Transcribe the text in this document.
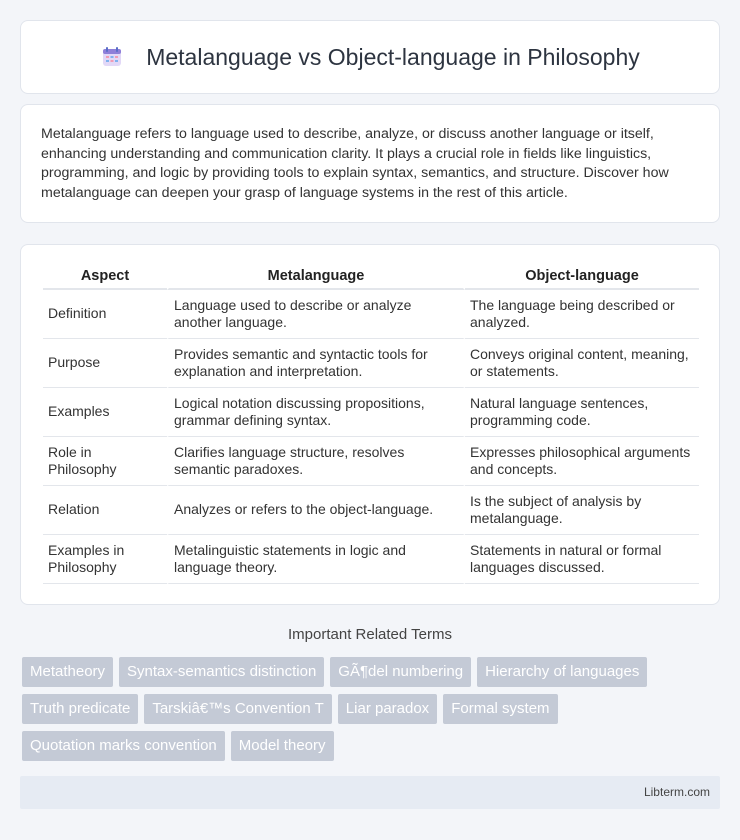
Metalanguage vs Object-language in Philosophy

Metalanguage refers to language used to describe, analyze, or discuss another language or itself, enhancing understanding and communication clarity. It plays a crucial role in fields like linguistics, programming, and logic by providing tools to explain syntax, semantics, and structure. Discover how metalanguage can deepen your grasp of language systems in the rest of this article.

Aspect	Metalanguage	Object-language
Definition	Language used to describe or analyze another language.	The language being described or analyzed.
Purpose	Provides semantic and syntactic tools for explanation and interpretation.	Conveys original content, meaning, or statements.
Examples	Logical notation discussing propositions, grammar defining syntax.	Natural language sentences, programming code.
Role in Philosophy	Clarifies language structure, resolves semantic paradoxes.	Expresses philosophical arguments and concepts.
Relation	Analyzes or refers to the object-language.	Is the subject of analysis by metalanguage.
Examples in Philosophy	Metalinguistic statements in logic and language theory.	Statements in natural or formal languages discussed.
Important Related Terms
Metatheory	Syntax-semantics distinction	GÃ¶del numbering	Hierarchy of languages
Truth predicate	Tarskiâ€™s Convention T	Liar paradox	Formal system
Quotation marks convention	Model theory
Libterm.com
